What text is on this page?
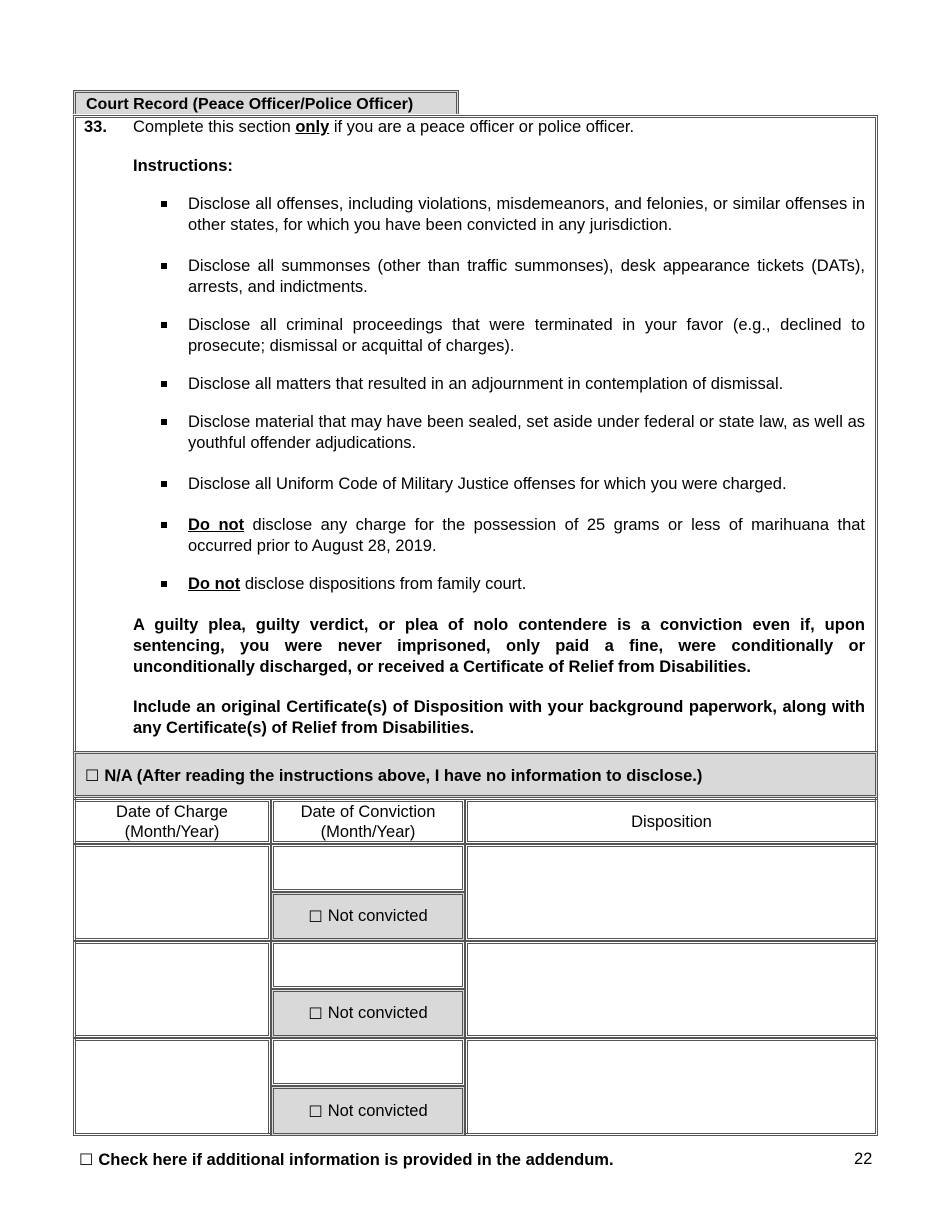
Court Record (Peace Officer/Police Officer)
33. Complete this section only if you are a peace officer or police officer.
Instructions:
Disclose all offenses, including violations, misdemeanors, and felonies, or similar offenses in other states, for which you have been convicted in any jurisdiction.
Disclose all summonses (other than traffic summonses), desk appearance tickets (DATs), arrests, and indictments.
Disclose all criminal proceedings that were terminated in your favor (e.g., declined to prosecute; dismissal or acquittal of charges).
Disclose all matters that resulted in an adjournment in contemplation of dismissal.
Disclose material that may have been sealed, set aside under federal or state law, as well as youthful offender adjudications.
Disclose all Uniform Code of Military Justice offenses for which you were charged.
Do not disclose any charge for the possession of 25 grams or less of marihuana that occurred prior to August 28, 2019.
Do not disclose dispositions from family court.
A guilty plea, guilty verdict, or plea of nolo contendere is a conviction even if, upon sentencing, you were never imprisoned, only paid a fine, were conditionally or unconditionally discharged, or received a Certificate of Relief from Disabilities.
Include an original Certificate(s) of Disposition with your background paperwork, along with any Certificate(s) of Relief from Disabilities.
☐ N/A (After reading the instructions above, I have no information to disclose.)
Date of Charge (Month/Year)
Date of Conviction (Month/Year)
Disposition
☐ Not convicted
☐ Not convicted
☐ Not convicted
☐ Check here if additional information is provided in the addendum.	22
